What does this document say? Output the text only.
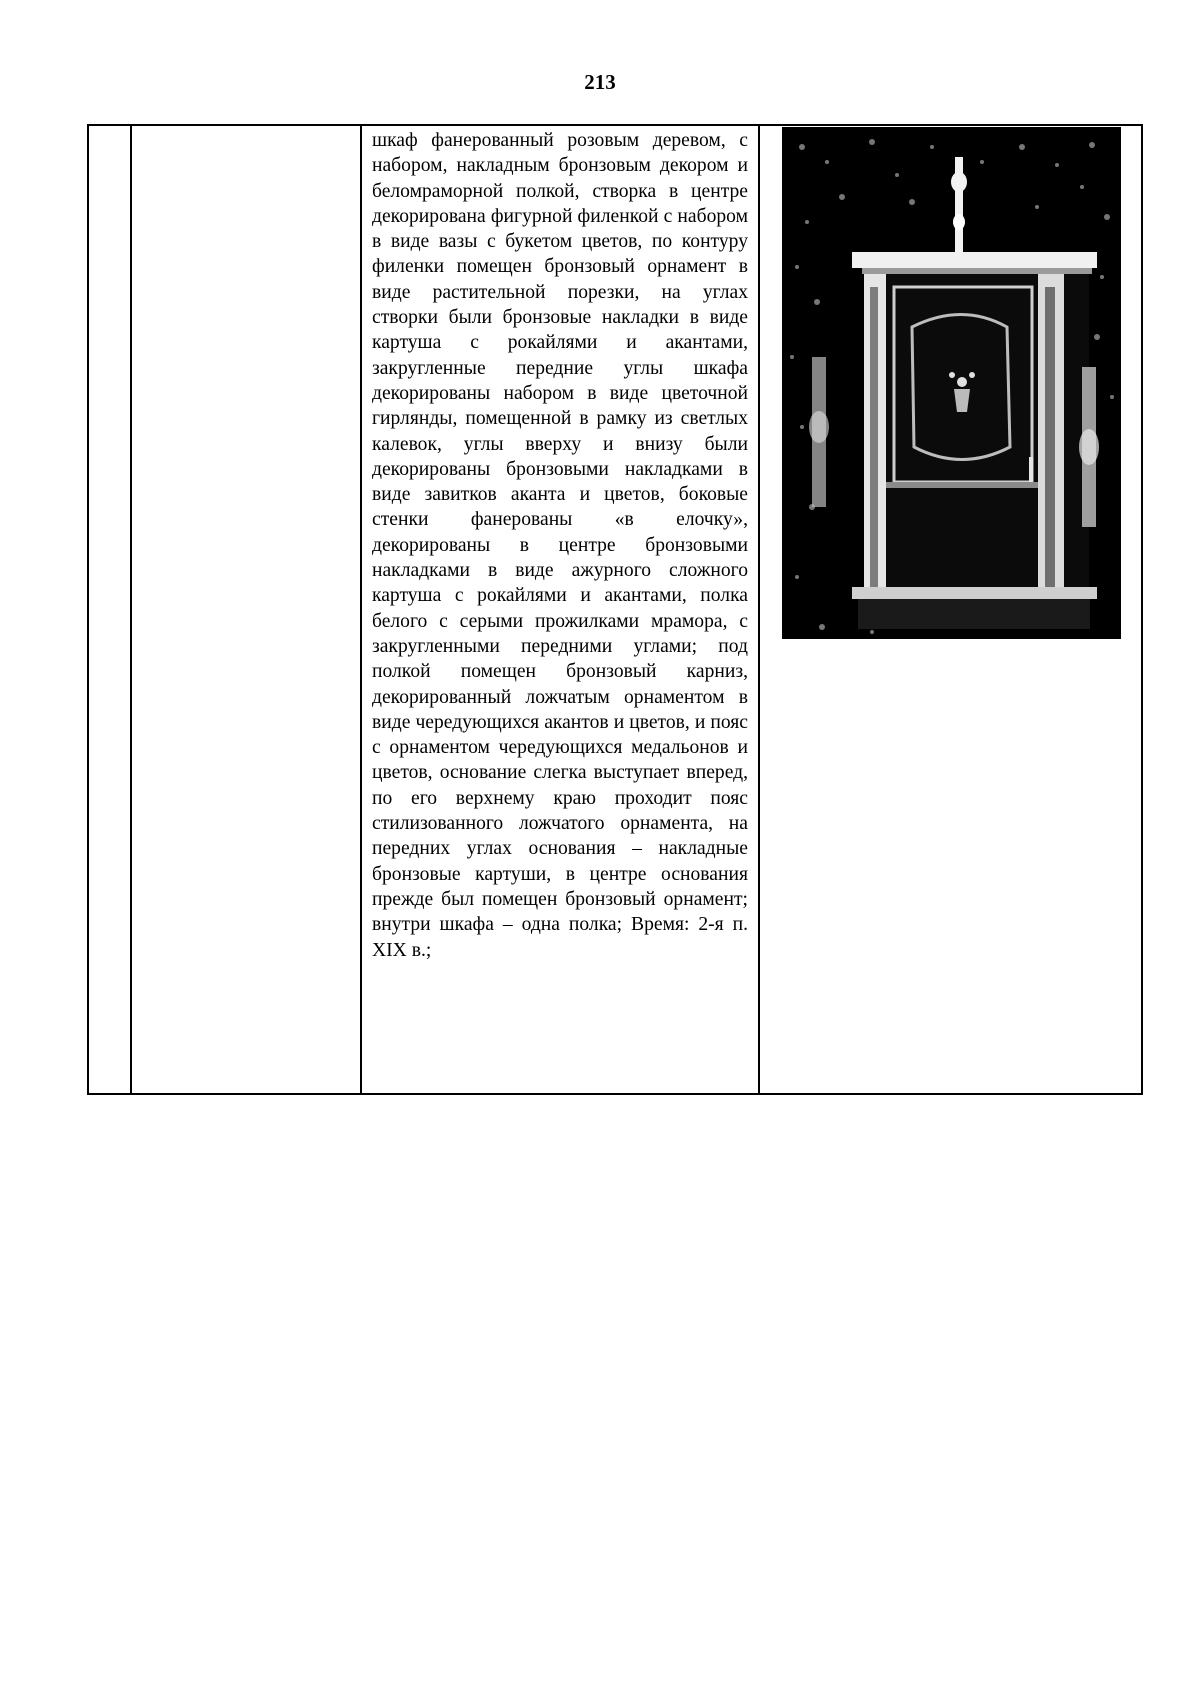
213

шкаф фанерованный розовым деревом, с набором, накладным бронзовым декором и беломраморной полкой, створка в центре декорирована фигурной филенкой с набором в виде вазы с букетом цветов, по контуру филенки помещен бронзовый орнамент в виде растительной порезки, на углах створки были бронзовые накладки в виде картуша с рокайлями и акантами, закругленные передние углы шкафа декорированы набором в виде цветочной гирлянды, помещенной в рамку из светлых калевок, углы вверху и внизу были декорированы бронзовыми накладками в виде завитков аканта и цветов, боковые стенки фанерованы «в елочку», декорированы в центре бронзовыми накладками в виде ажурного сложного картуша с рокайлями и акантами, полка белого с серыми прожилками мрамора, с закругленными передними углами; под полкой помещен бронзовый карниз, декорированный ложчатым орнаментом в виде чередующихся акантов и цветов, и пояс с орнаментом чередующихся медальонов и цветов, основание слегка выступает вперед, по его верхнему краю проходит пояс стилизованного ложчатого орнамента, на передних углах основания – накладные бронзовые картуши, в центре основания прежде был помещен бронзовый орнамент; внутри шкафа – одна полка; Время: 2-я п. XIX в.;
